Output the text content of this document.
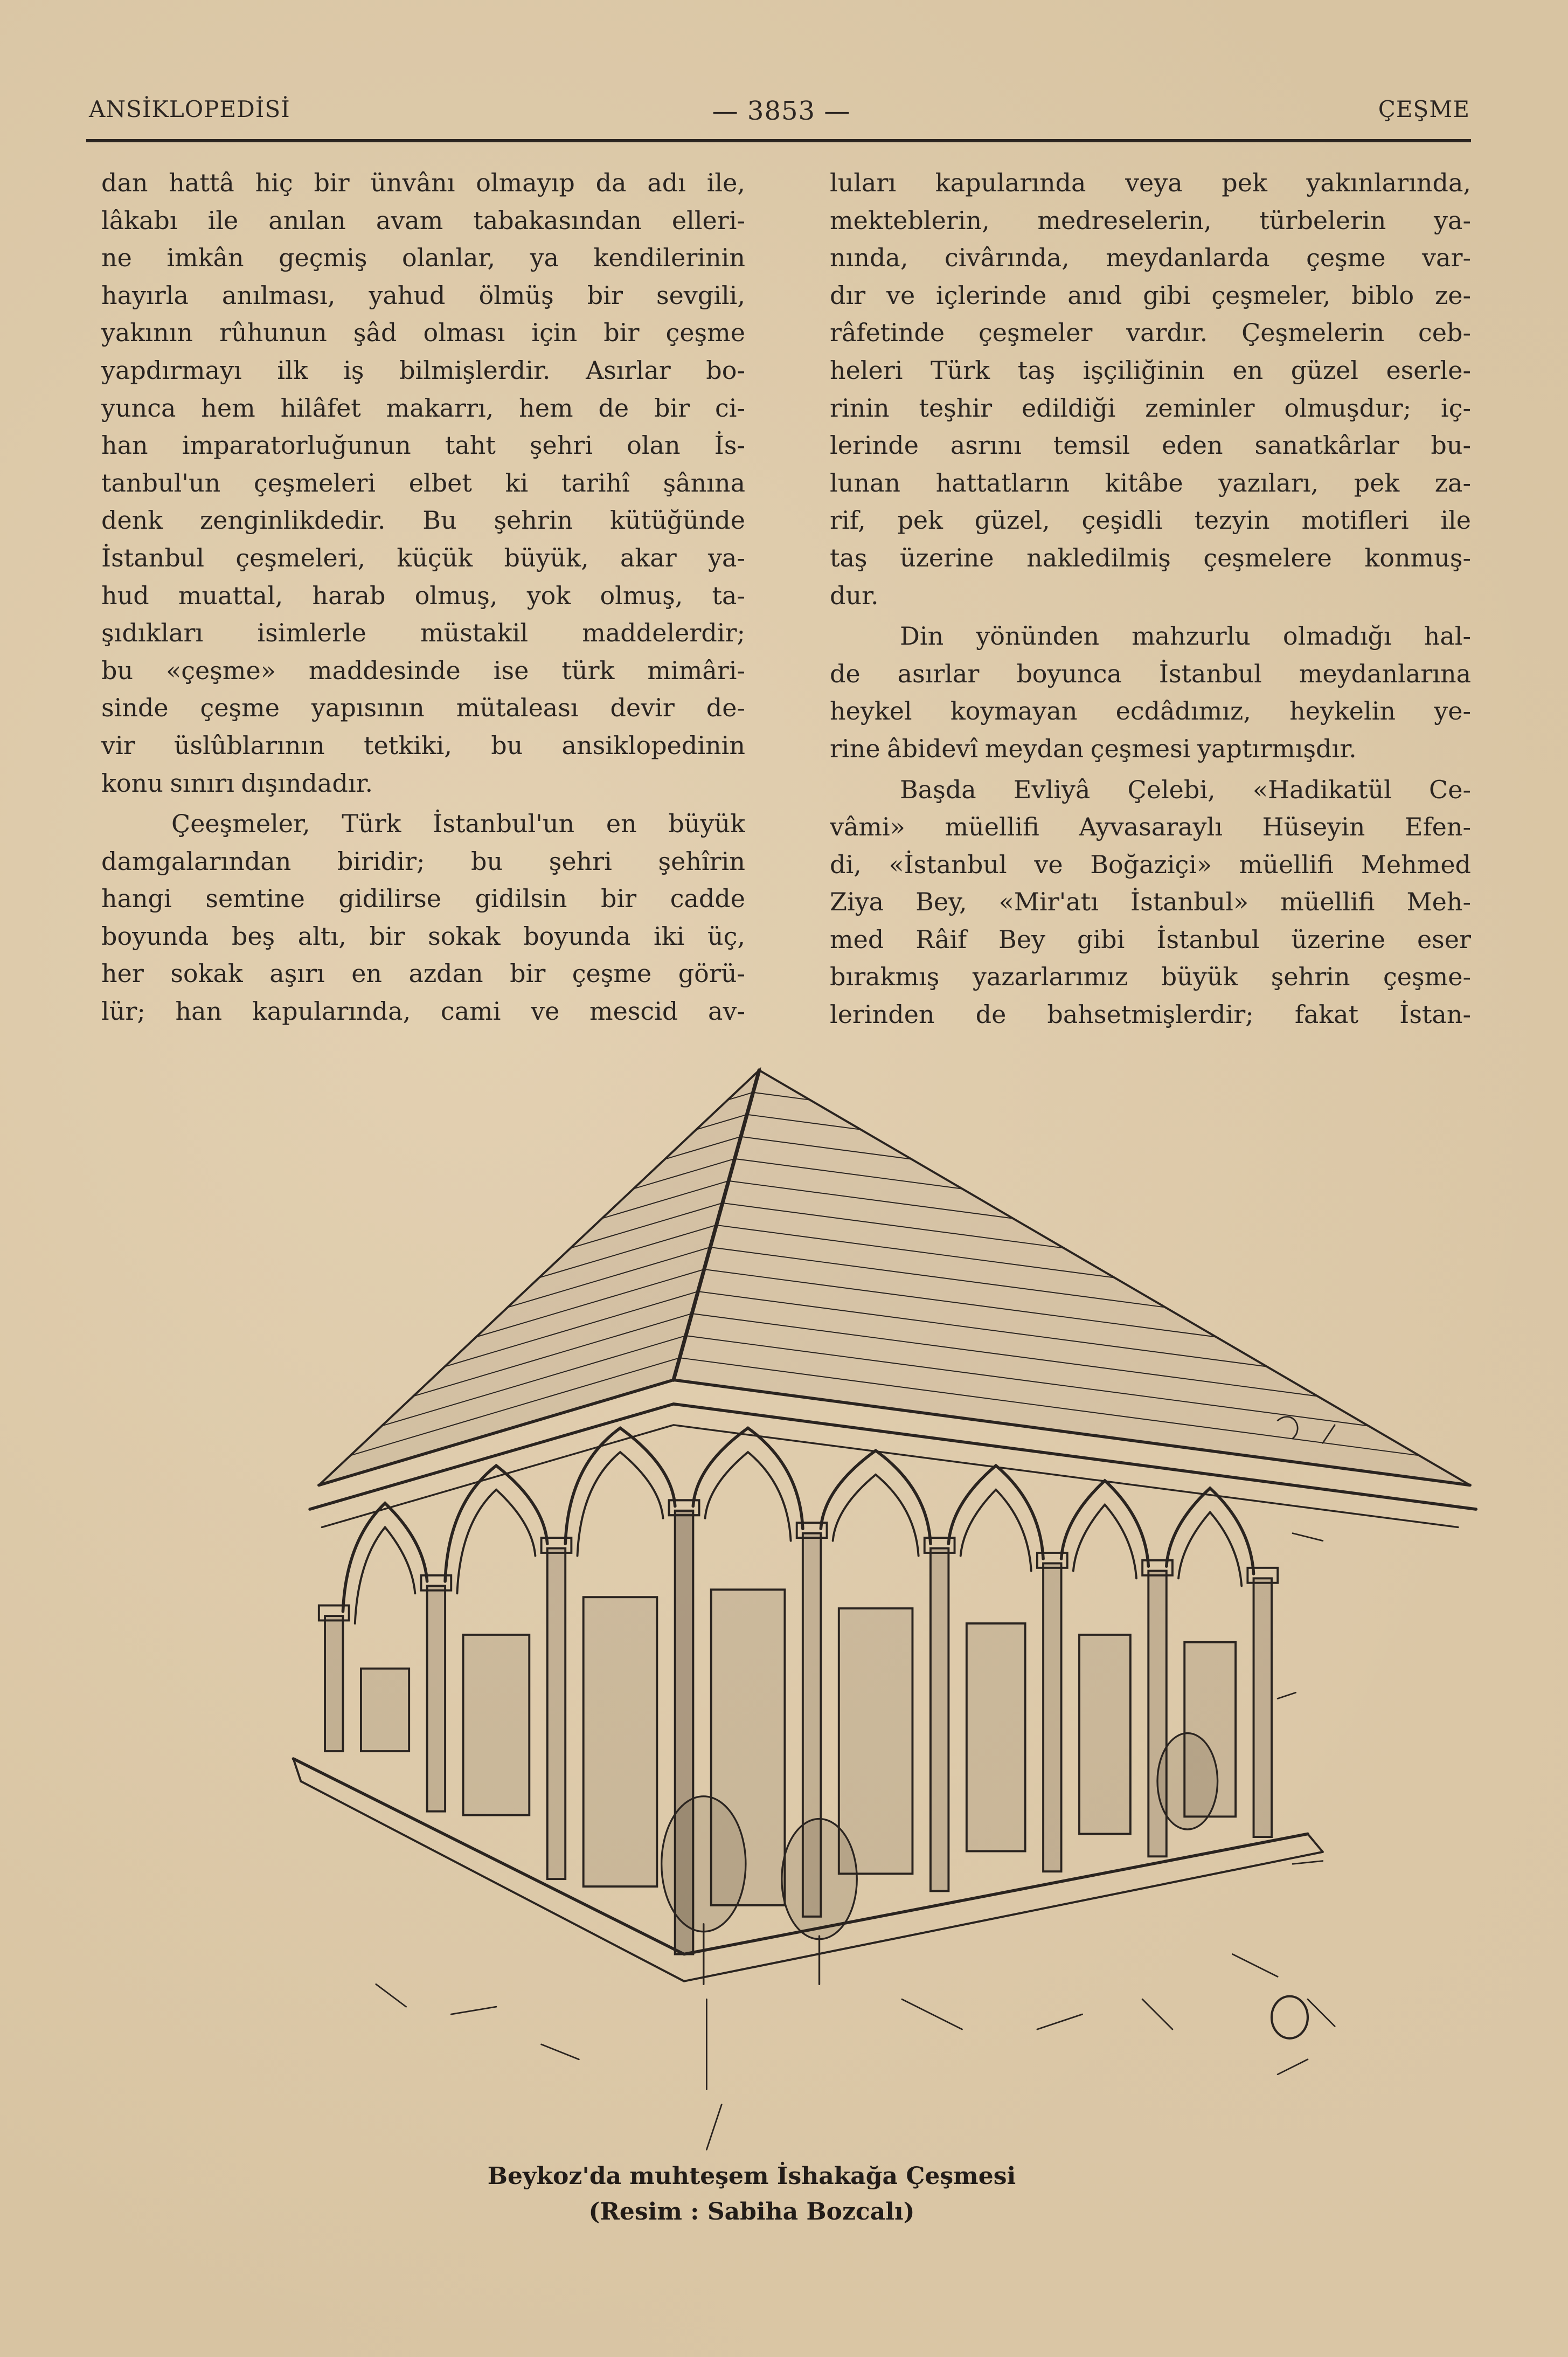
ANSİKLOPEDİSİ	— 3853 —	ÇEŞME
dan hattâ hiç bir ünvânı olmayıp da adı ile,
lâkabı ile anılan avam tabakasından elleri-
ne imkân geçmiş olanlar, ya kendilerinin
hayırla anılması, yahud ölmüş bir sevgili,
yakının rûhunun şâd olması için bir çeşme
yapdırmayı ilk iş bilmişlerdir. Asırlar bo-
yunca hem hilâfet makarrı, hem de bir ci-
han imparatorluğunun taht şehri olan İs-
tanbul'un çeşmeleri elbet ki tarihî şânına
denk zenginlikdedir. Bu şehrin kütüğünde
İstanbul çeşmeleri, küçük büyük, akar ya-
hud muattal, harab olmuş, yok olmuş, ta-
şıdıkları isimlerle müstakil maddelerdir;
bu «çeşme» maddesinde ise türk mimâri-
sinde çeşme yapısının mütaleası devir de-
vir üslûblarının tetkiki, bu ansiklopedinin
konu sınırı dışındadır.
Çeeşmeler, Türk İstanbul'un en büyük
damgalarından biridir; bu şehri şehîrin
hangi semtine gidilirse gidilsin bir cadde
boyunda beş altı, bir sokak boyunda iki üç,
her sokak aşırı en azdan bir çeşme görü-
lür; han kapularında, cami ve mescid av-
luları kapularında veya pek yakınlarında,
mekteblerin, medreselerin, türbelerin ya-
nında, civârında, meydanlarda çeşme var-
dır ve içlerinde anıd gibi çeşmeler, biblo ze-
râfetinde çeşmeler vardır. Çeşmelerin ceb-
heleri Türk taş işçiliğinin en güzel eserle-
rinin teşhir edildiği zeminler olmuşdur; iç-
lerinde asrını temsil eden sanatkârlar bu-
lunan hattatların kitâbe yazıları, pek za-
rif, pek güzel, çeşidli tezyin motifleri ile
taş üzerine nakledilmiş çeşmelere konmuş-
dur.
Din yönünden mahzurlu olmadığı hal-
de asırlar boyunca İstanbul meydanlarına
heykel koymayan ecdâdımız, heykelin ye-
rine âbidevî meydan çeşmesi yaptırmışdır.
Başda Evliyâ Çelebi, «Hadikatül Ce-
vâmi» müellifi Ayvasaraylı Hüseyin Efen-
di, «İstanbul ve Boğaziçi» müellifi Mehmed
Ziya Bey, «Mir'atı İstanbul» müellifi Meh-
med Râif Bey gibi İstanbul üzerine eser
bırakmış yazarlarımız büyük şehrin çeşme-
lerinden de bahsetmişlerdir; fakat İstan-
Beykoz'da muhteşem İshakağa Çeşmesi
(Resim : Sabiha Bozcalı)
